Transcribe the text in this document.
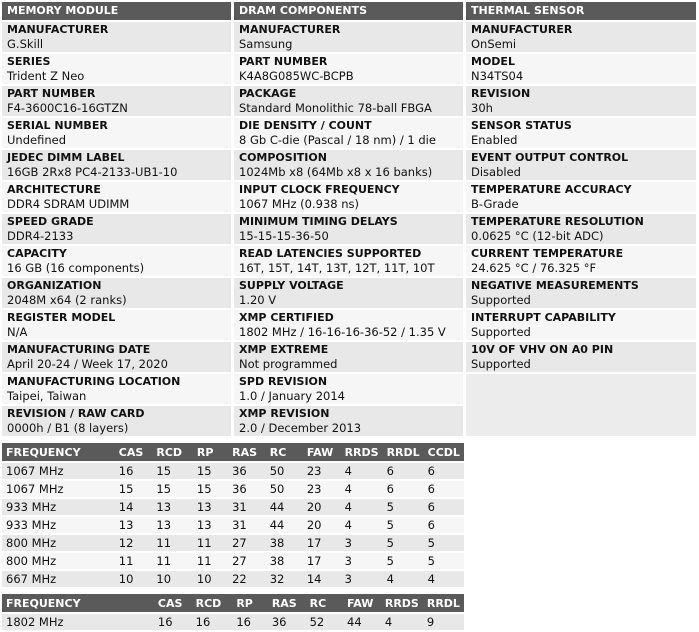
MEMORY MODULE
MANUFACTURER
G.Skill
SERIES
Trident Z Neo
PART NUMBER
F4-3600C16-16GTZN
SERIAL NUMBER
Undefined
JEDEC DIMM LABEL
16GB 2Rx8 PC4-2133-UB1-10
ARCHITECTURE
DDR4 SDRAM UDIMM
SPEED GRADE
DDR4-2133
CAPACITY
16 GB (16 components)
ORGANIZATION
2048M x64 (2 ranks)
REGISTER MODEL
N/A
MANUFACTURING DATE
April 20-24 / Week 17, 2020
MANUFACTURING LOCATION
Taipei, Taiwan
REVISION / RAW CARD
0000h / B1 (8 layers)
DRAM COMPONENTS
MANUFACTURER
Samsung
PART NUMBER
K4A8G085WC-BCPB
PACKAGE
Standard Monolithic 78-ball FBGA
DIE DENSITY / COUNT
8 Gb C-die (Pascal / 18 nm) / 1 die
COMPOSITION
1024Mb x8 (64Mb x8 x 16 banks)
INPUT CLOCK FREQUENCY
1067 MHz (0.938 ns)
MINIMUM TIMING DELAYS
15-15-15-36-50
READ LATENCIES SUPPORTED
16T, 15T, 14T, 13T, 12T, 11T, 10T
SUPPLY VOLTAGE
1.20 V
XMP CERTIFIED
1802 MHz / 16-16-16-36-52 / 1.35 V
XMP EXTREME
Not programmed
SPD REVISION
1.0 / January 2014
XMP REVISION
2.0 / December 2013
THERMAL SENSOR
MANUFACTURER
OnSemi
MODEL
N34TS04
REVISION
30h
SENSOR STATUS
Enabled
EVENT OUTPUT CONTROL
Disabled
TEMPERATURE ACCURACY
B-Grade
TEMPERATURE RESOLUTION
0.0625 °C (12-bit ADC)
CURRENT TEMPERATURE
24.625 °C / 76.325 °F
NEGATIVE MEASUREMENTS
Supported
INTERRUPT CAPABILITY
Supported
10V OF VHV ON A0 PIN
Supported
FREQUENCY	CAS	RCD	RP	RAS	RC	FAW	RRDS	RRDL	CCDL
1067 MHz	16	15	15	36	50	23	4	6	6
1067 MHz	15	15	15	36	50	23	4	6	6
933 MHz	14	13	13	31	44	20	4	5	6
933 MHz	13	13	13	31	44	20	4	5	6
800 MHz	12	11	11	27	38	17	3	5	5
800 MHz	11	11	11	27	38	17	3	5	5
667 MHz	10	10	10	22	32	14	3	4	4
FREQUENCY	CAS	RCD	RP	RAS	RC	FAW	RRDS	RRDL
1802 MHz	16	16	16	36	52	44	4	9
